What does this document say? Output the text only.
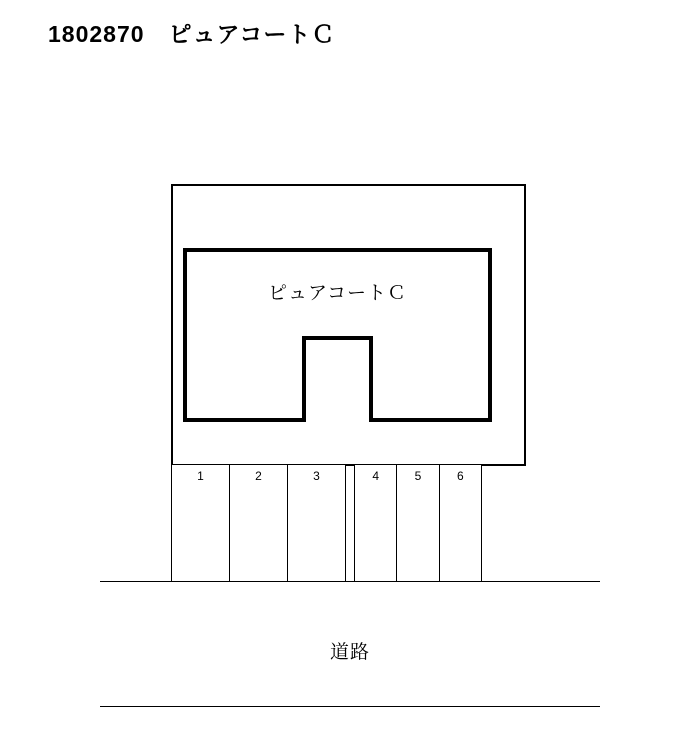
1802870　ピュアコートＣ
ピュアコートＣ
1	2	3	4	5	6
道路
